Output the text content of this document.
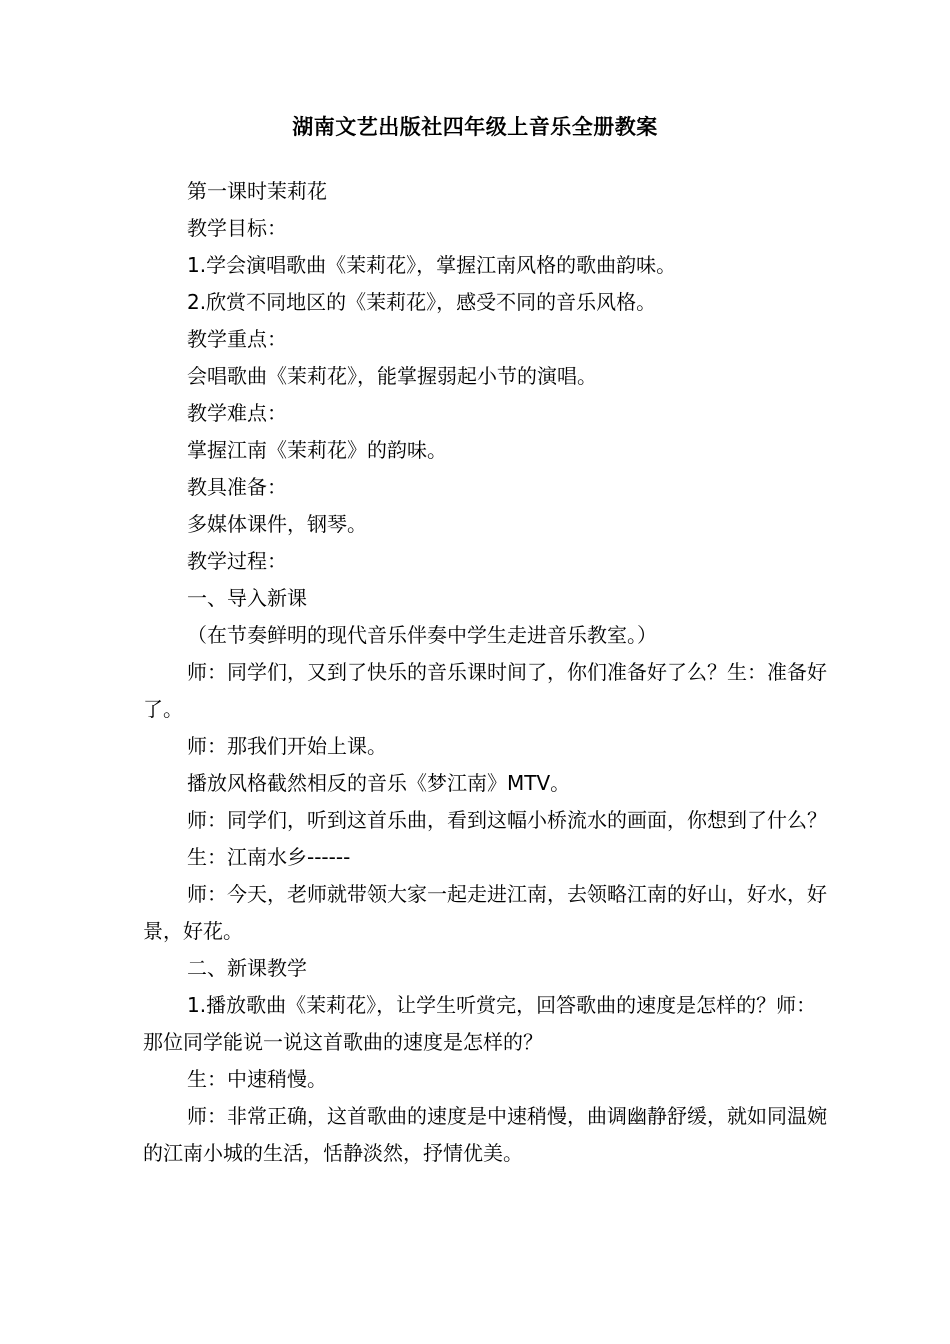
湖南文艺出版社四年级上音乐全册教案

第一课时茉莉花

教学目标：

1.学会演唱歌曲《茉莉花》，掌握江南风格的歌曲韵味。

2.欣赏不同地区的《茉莉花》，感受不同的音乐风格。

教学重点：

会唱歌曲《茉莉花》，能掌握弱起小节的演唱。

教学难点：

掌握江南《茉莉花》的韵味。

教具准备：

多媒体课件，钢琴。

教学过程：

一、导入新课

（在节奏鲜明的现代音乐伴奏中学生走进音乐教室。）

师：同学们，又到了快乐的音乐课时间了，你们准备好了么？生：准备好了。

师：那我们开始上课。

播放风格截然相反的音乐《梦江南》MTV。

师：同学们，听到这首乐曲，看到这幅小桥流水的画面，你想到了什么？

生：江南水乡------

师：今天，老师就带领大家一起走进江南，去领略江南的好山，好水，好景，好花。

二、新课教学

1.播放歌曲《茉莉花》，让学生听赏完，回答歌曲的速度是怎样的？师：那位同学能说一说这首歌曲的速度是怎样的？

生：中速稍慢。

师：非常正确，这首歌曲的速度是中速稍慢，曲调幽静舒缓，就如同温婉的江南小城的生活，恬静淡然，抒情优美。
